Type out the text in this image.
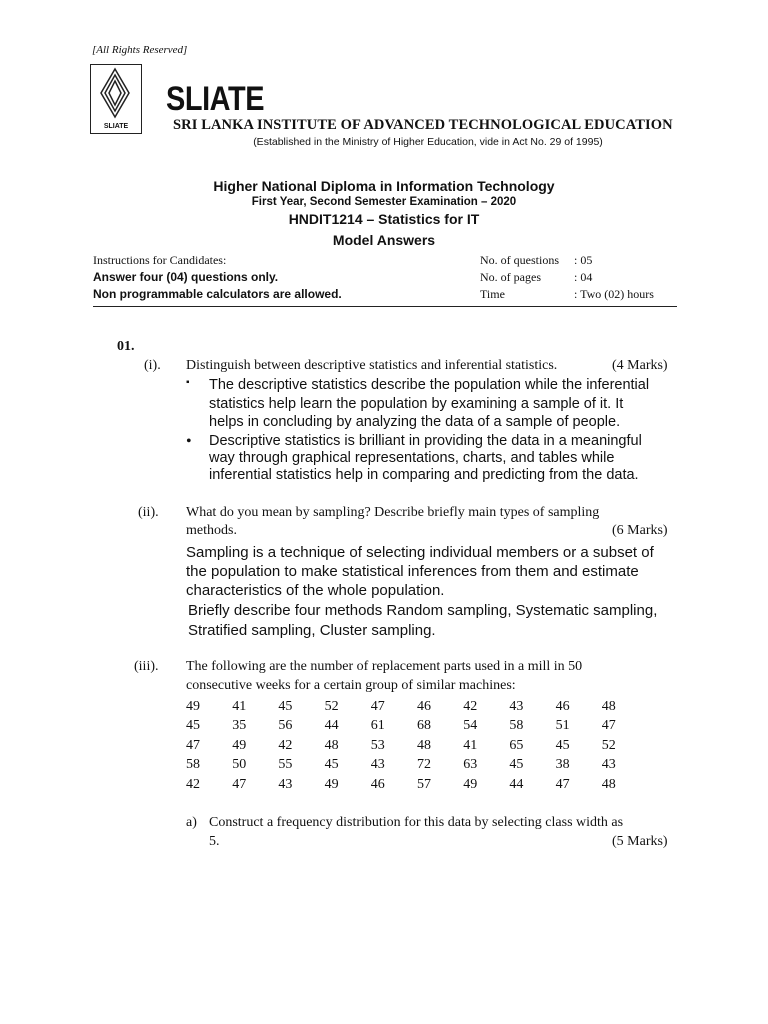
[All Rights Reserved]
SLIATE
SLIATE
SRI LANKA INSTITUTE OF ADVANCED TECHNOLOGICAL EDUCATION
(Established in the Ministry of Higher Education, vide in Act No. 29 of 1995)
Higher National Diploma in Information Technology
First Year, Second Semester Examination – 2020
HNDIT1214 – Statistics for IT
Model Answers
Instructions for Candidates:
Answer four (04) questions only.
Non programmable calculators are allowed.
No. of questions : 05
No. of pages	: 04
Time	: Two (02) hours
01.
(i). Distinguish between descriptive statistics and inferential statistics.	(4 Marks)
▪ The descriptive statistics describe the population while the inferential
statistics help learn the population by examining a sample of it. It
helps in concluding by analyzing the data of a sample of people.
• Descriptive statistics is brilliant in providing the data in a meaningful
way through graphical representations, charts, and tables while
inferential statistics help in comparing and predicting from the data.
(ii). What do you mean by sampling? Describe briefly main types of sampling
methods.	(6 Marks)
Sampling is a technique of selecting individual members or a subset of
the population to make statistical inferences from them and estimate
characteristics of the whole population.
Briefly describe four methods Random sampling, Systematic sampling,
Stratified sampling, Cluster sampling.
(iii). The following are the number of replacement parts used in a mill in 50
consecutive weeks for a certain group of similar machines:
49 41 45 52 47 46 42 43 46 48
45 35 56 44 61 68 54 58 51 47
47 49 42 48 53 48 41 65 45 52
58 50 55 45 43 72 63 45 38 43
42 47 43 49 46 57 49 44 47 48
a) Construct a frequency distribution for this data by selecting class width as
5.	(5 Marks)
